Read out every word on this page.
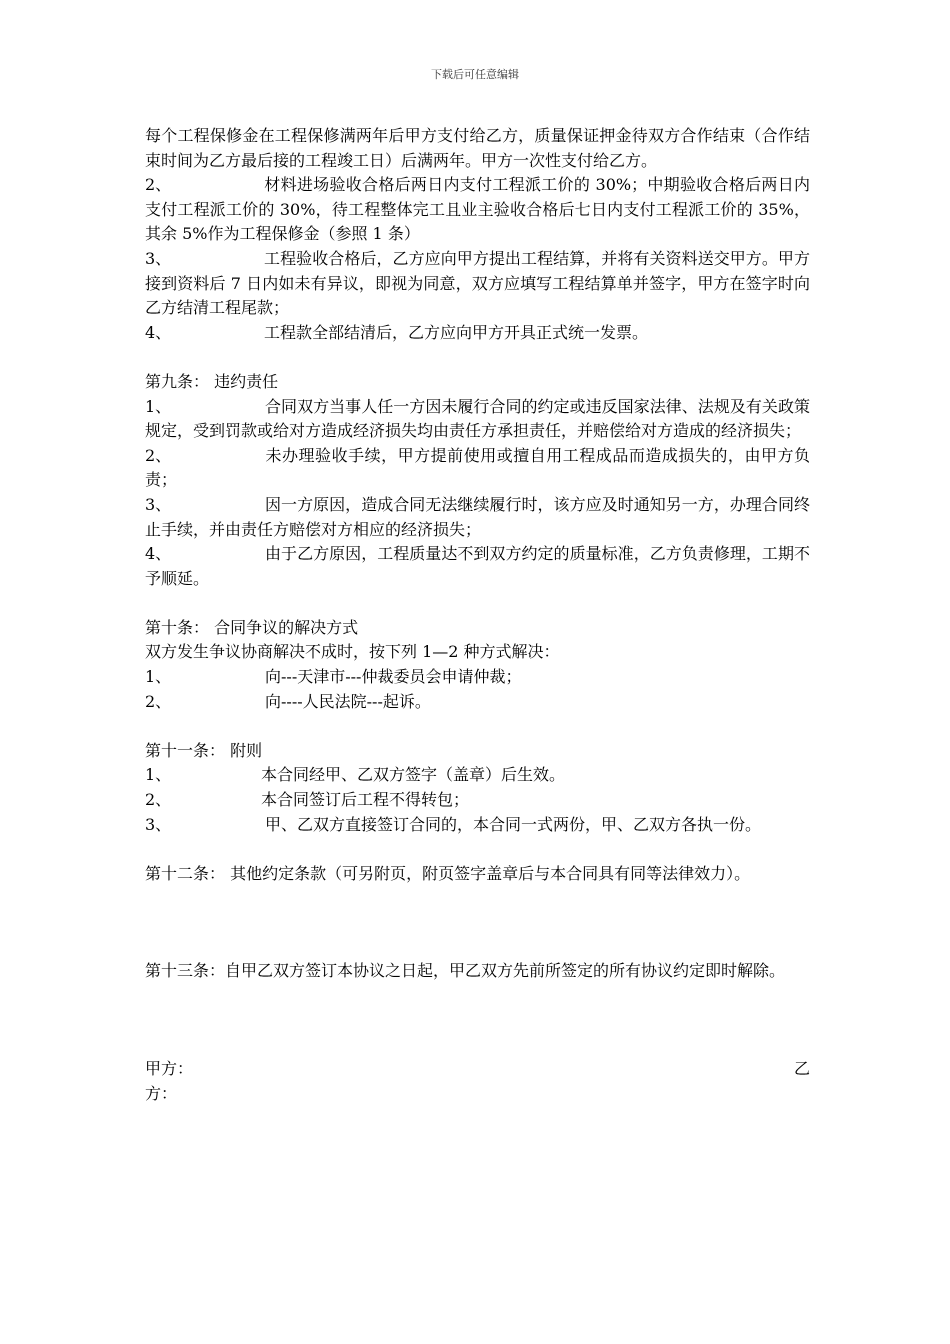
下载后可任意编辑

每个工程保修金在工程保修满两年后甲方支付给乙方，质量保证押金待双方合作结束（合作结束时间为乙方最后接的工程竣工日）后满两年。甲方一次性支付给乙方。

2、	材料进场验收合格后两日内支付工程派工价的 30%；中期验收合格后两日内支付工程派工价的 30%，待工程整体完工且业主验收合格后七日内支付工程派工价的 35%，其余 5%作为工程保修金（参照 1 条）

3、	工程验收合格后，乙方应向甲方提出工程结算，并将有关资料送交甲方。甲方接到资料后 7 日内如未有异议，即视为同意，双方应填写工程结算单并签字，甲方在签字时向乙方结清工程尾款；

4、	工程款全部结清后，乙方应向甲方开具正式统一发票。

第九条： 违约责任

1、	合同双方当事人任一方因未履行合同的约定或违反国家法律、法规及有关政策规定，受到罚款或给对方造成经济损失均由责任方承担责任，并赔偿给对方造成的经济损失；

2、	未办理验收手续，甲方提前使用或擅自用工程成品而造成损失的，由甲方负责；

3、	因一方原因，造成合同无法继续履行时，该方应及时通知另一方，办理合同终止手续，并由责任方赔偿对方相应的经济损失；

4、	由于乙方原因，工程质量达不到双方约定的质量标准，乙方负责修理，工期不予顺延。

第十条： 合同争议的解决方式

双方发生争议协商解决不成时，按下列 1—2 种方式解决：

1、	向---天津市---仲裁委员会申请仲裁；

2、	向----人民法院---起诉。

第十一条： 附则

1、	本合同经甲、乙双方签字（盖章）后生效。

2、	本合同签订后工程不得转包；

3、	甲、乙双方直接签订合同的，本合同一式两份，甲、乙双方各执一份。

第十二条： 其他约定条款（可另附页，附页签字盖章后与本合同具有同等法律效力）。

第十三条：自甲乙双方签订本协议之日起，甲乙双方先前所签定的所有协议约定即时解除。

甲方：	乙

方：
